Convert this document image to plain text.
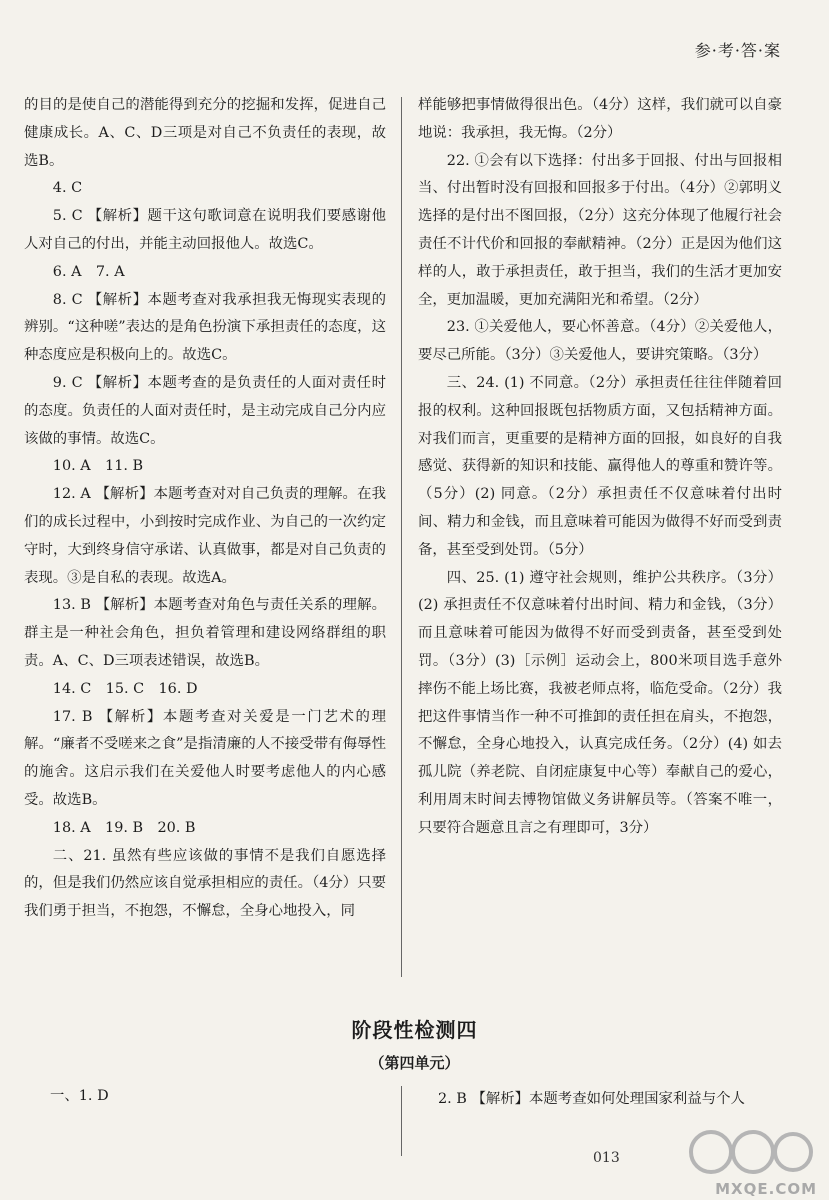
参·考·答·案

的目的是使自己的潜能得到充分的挖掘和发挥，促进自己健康成长。A、C、D三项是对自己不负责任的表现，故选B。

4. C

5. C 【解析】题干这句歌词意在说明我们要感谢他人对自己的付出，并能主动回报他人。故选C。

6. A　7. A

8. C 【解析】本题考查对我承担我无悔现实表现的辨别。“这种嗟”表达的是角色扮演下承担责任的态度，这种态度应是积极向上的。故选C。

9. C 【解析】本题考查的是负责任的人面对责任时的态度。负责任的人面对责任时，是主动完成自己分内应该做的事情。故选C。

10. A　11. B

12. A 【解析】本题考查对对自己负责的理解。在我们的成长过程中，小到按时完成作业、为自己的一次约定守时，大到终身信守承诺、认真做事，都是对自己负责的表现。③是自私的表现。故选A。

13. B 【解析】本题考查对角色与责任关系的理解。群主是一种社会角色，担负着管理和建设网络群组的职责。A、C、D三项表述错误，故选B。

14. C　15. C　16. D

17. B 【解析】本题考查对关爱是一门艺术的理解。“廉者不受嗟来之食”是指清廉的人不接受带有侮辱性的施舍。这启示我们在关爱他人时要考虑他人的内心感受。故选B。

18. A　19. B　20. B

二、21. 虽然有些应该做的事情不是我们自愿选择的，但是我们仍然应该自觉承担相应的责任。（4分）只要我们勇于担当，不抱怨，不懈怠，全身心地投入，同

样能够把事情做得很出色。（4分）这样，我们就可以自豪地说：我承担，我无悔。（2分）

22. ①会有以下选择：付出多于回报、付出与回报相当、付出暂时没有回报和回报多于付出。（4分）②郭明义选择的是付出不图回报，（2分）这充分体现了他履行社会责任不计代价和回报的奉献精神。（2分）正是因为他们这样的人，敢于承担责任，敢于担当，我们的生活才更加安全，更加温暖，更加充满阳光和希望。（2分）

23. ①关爱他人，要心怀善意。（4分）②关爱他人，要尽己所能。（3分）③关爱他人，要讲究策略。（3分）

三、24. (1) 不同意。（2分）承担责任往往伴随着回报的权利。这种回报既包括物质方面，又包括精神方面。对我们而言，更重要的是精神方面的回报，如良好的自我感觉、获得新的知识和技能、赢得他人的尊重和赞许等。（5分）(2) 同意。（2分）承担责任不仅意味着付出时间、精力和金钱，而且意味着可能因为做得不好而受到责备，甚至受到处罚。（5分）

四、25. (1) 遵守社会规则，维护公共秩序。（3分）(2) 承担责任不仅意味着付出时间、精力和金钱，（3分）而且意味着可能因为做得不好而受到责备，甚至受到处罚。（3分）(3)［示例］运动会上，800米项目选手意外摔伤不能上场比赛，我被老师点将，临危受命。（2分）我把这件事情当作一种不可推卸的责任担在肩头，不抱怨，不懈怠，全身心地投入，认真完成任务。（2分）(4) 如去孤儿院（养老院、自闭症康复中心等）奉献自己的爱心，利用周末时间去博物馆做义务讲解员等。（答案不唯一，只要符合题意且言之有理即可，3分）

阶段性检测四
（第四单元）
一、1. D	2. B 【解析】本题考查如何处理国家利益与个人
013
MXQE.COM
